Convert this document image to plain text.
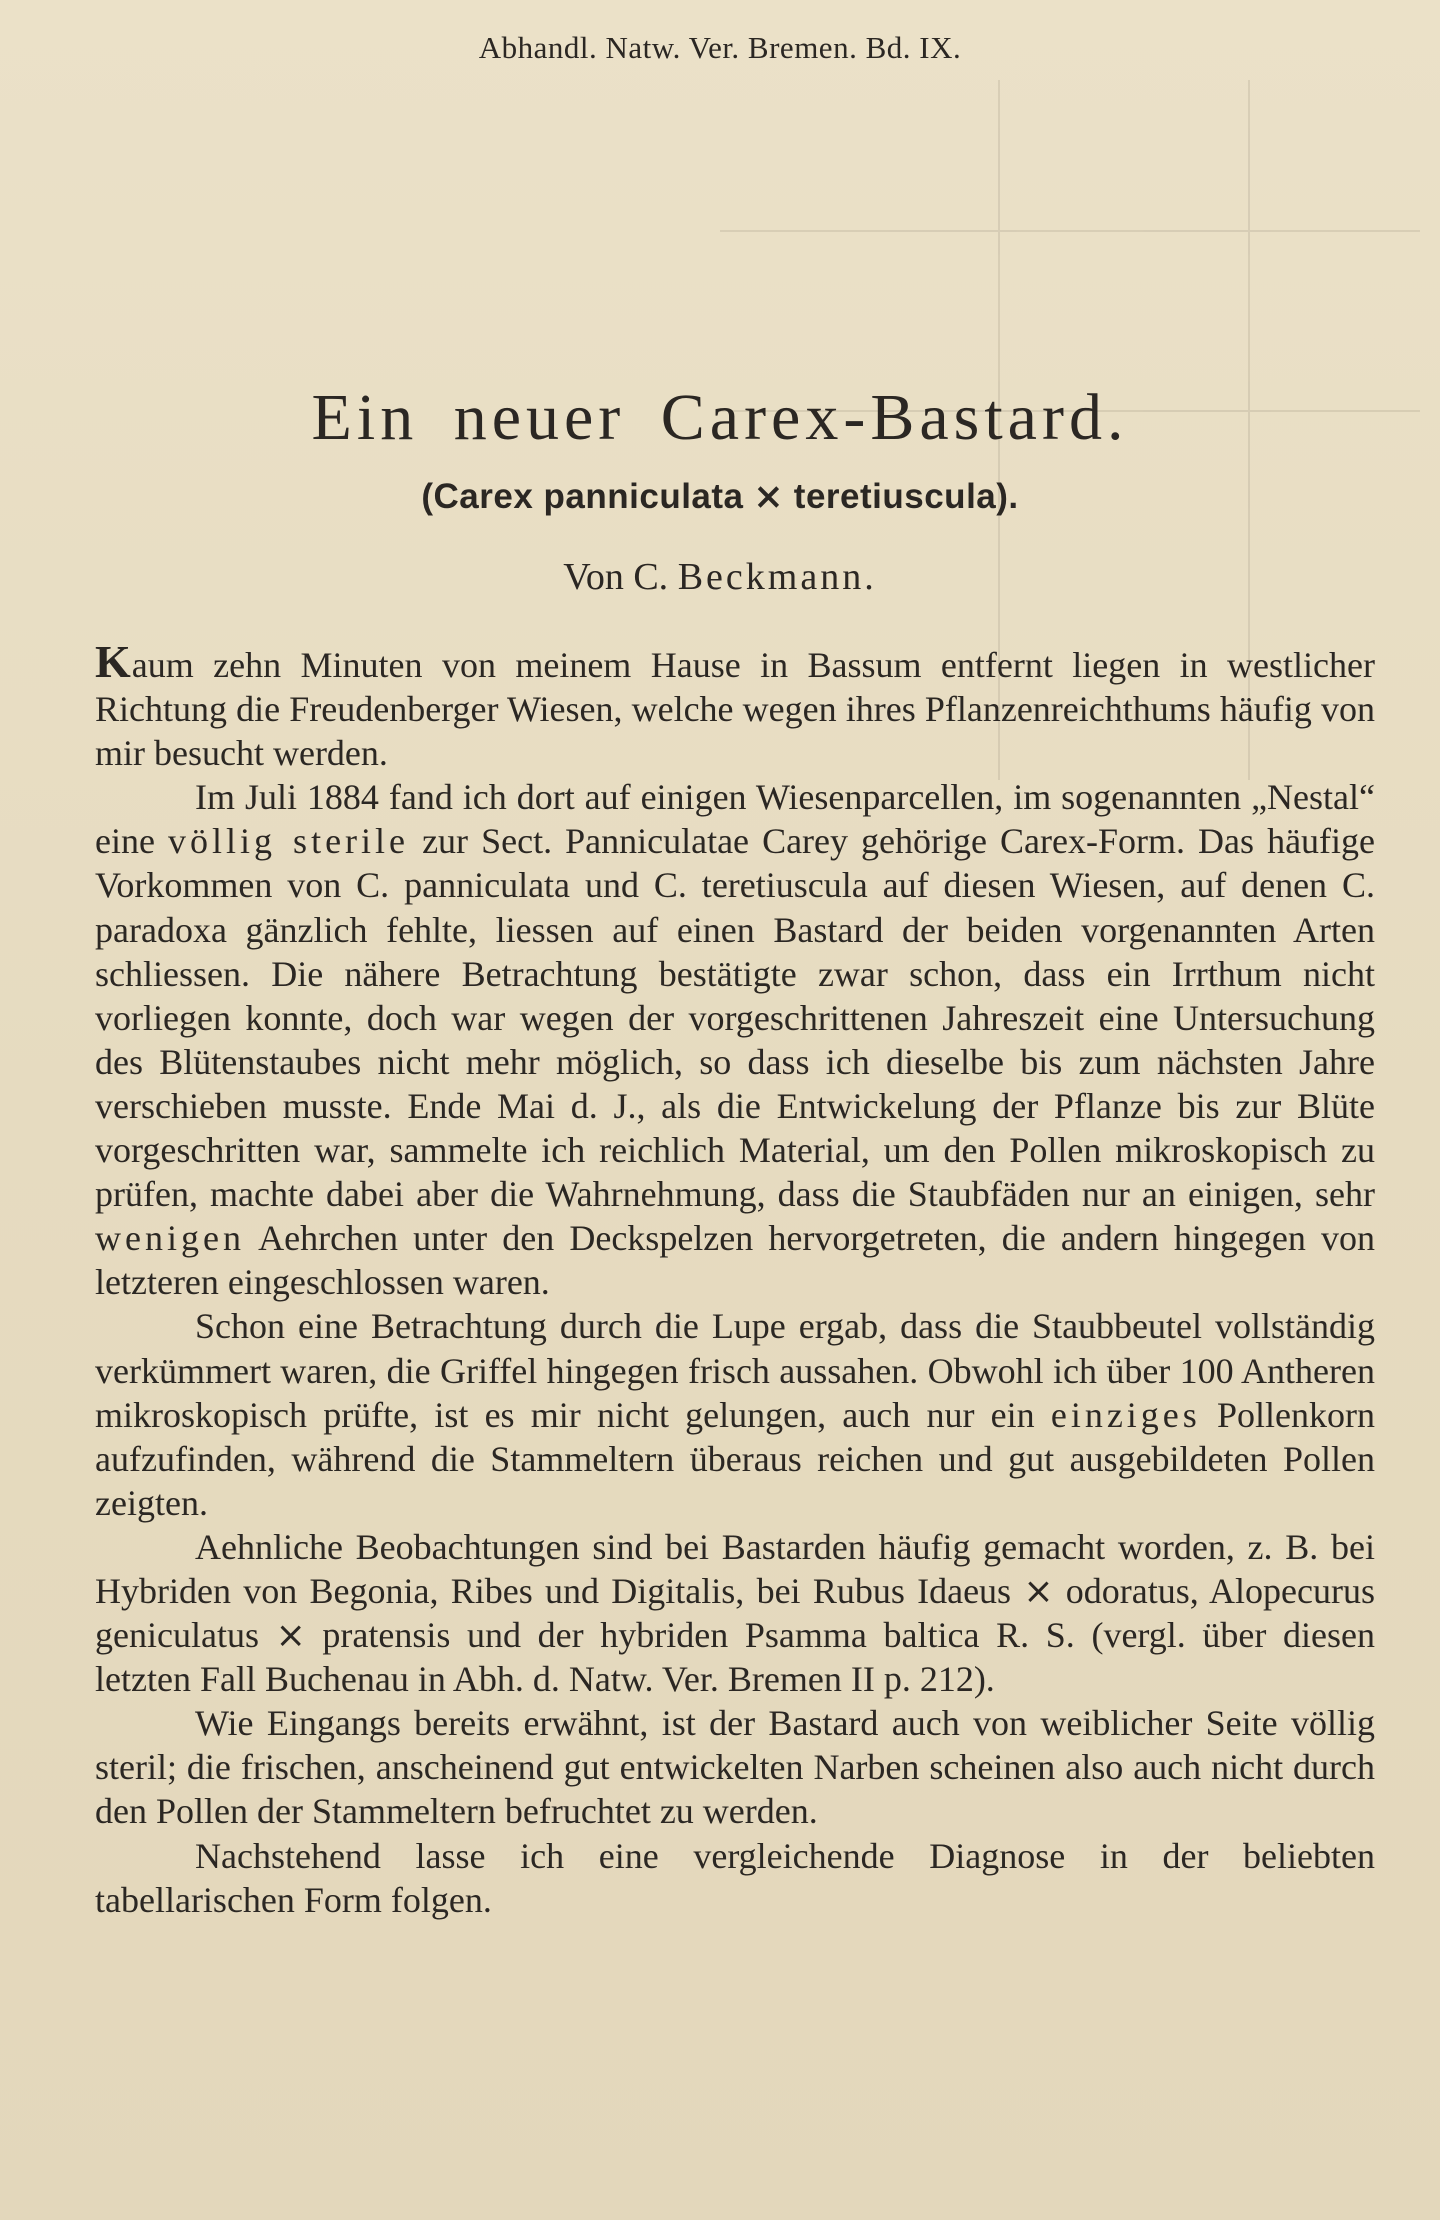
Abhandl. Natw. Ver. Bremen. Bd. IX.
Ein neuer Carex-Bastard.
(Carex panniculata ⨯ teretiuscula).
Von C. Beckmann.

Kaum zehn Minuten von meinem Hause in Bassum entfernt liegen in westlicher Richtung die Freudenberger Wiesen, welche wegen ihres Pflanzenreichthums häufig von mir besucht werden.

Im Juli 1884 fand ich dort auf einigen Wiesenparcellen, im sogenannten „Nestal“ eine völlig sterile zur Sect. Panniculatae Carey gehörige Carex-Form. Das häufige Vorkommen von C. panniculata und C. teretiuscula auf diesen Wiesen, auf denen C. paradoxa gänzlich fehlte, liessen auf einen Bastard der beiden vorgenannten Arten schliessen. Die nähere Betrachtung bestätigte zwar schon, dass ein Irrthum nicht vorliegen konnte, doch war wegen der vorgeschrittenen Jahreszeit eine Untersuchung des Blütenstaubes nicht mehr möglich, so dass ich dieselbe bis zum nächsten Jahre verschieben musste. Ende Mai d. J., als die Entwickelung der Pflanze bis zur Blüte vorgeschritten war, sammelte ich reichlich Material, um den Pollen mikroskopisch zu prüfen, machte dabei aber die Wahrnehmung, dass die Staubfäden nur an einigen, sehr wenigen Aehrchen unter den Deckspelzen hervorgetreten, die andern hingegen von letzteren eingeschlossen waren.

Schon eine Betrachtung durch die Lupe ergab, dass die Staubbeutel vollständig verkümmert waren, die Griffel hingegen frisch aussahen. Obwohl ich über 100 Antheren mikroskopisch prüfte, ist es mir nicht gelungen, auch nur ein einziges Pollenkorn aufzufinden, während die Stammeltern überaus reichen und gut ausgebildeten Pollen zeigten.

Aehnliche Beobachtungen sind bei Bastarden häufig gemacht worden, z. B. bei Hybriden von Begonia, Ribes und Digitalis, bei Rubus Idaeus ⨯ odoratus, Alopecurus geniculatus ⨯ pratensis und der hybriden Psamma baltica R. S. (vergl. über diesen letzten Fall Buchenau in Abh. d. Natw. Ver. Bremen II p. 212).

Wie Eingangs bereits erwähnt, ist der Bastard auch von weiblicher Seite völlig steril; die frischen, anscheinend gut entwickelten Narben scheinen also auch nicht durch den Pollen der Stammeltern befruchtet zu werden.

Nachstehend lasse ich eine vergleichende Diagnose in der beliebten tabellarischen Form folgen.
